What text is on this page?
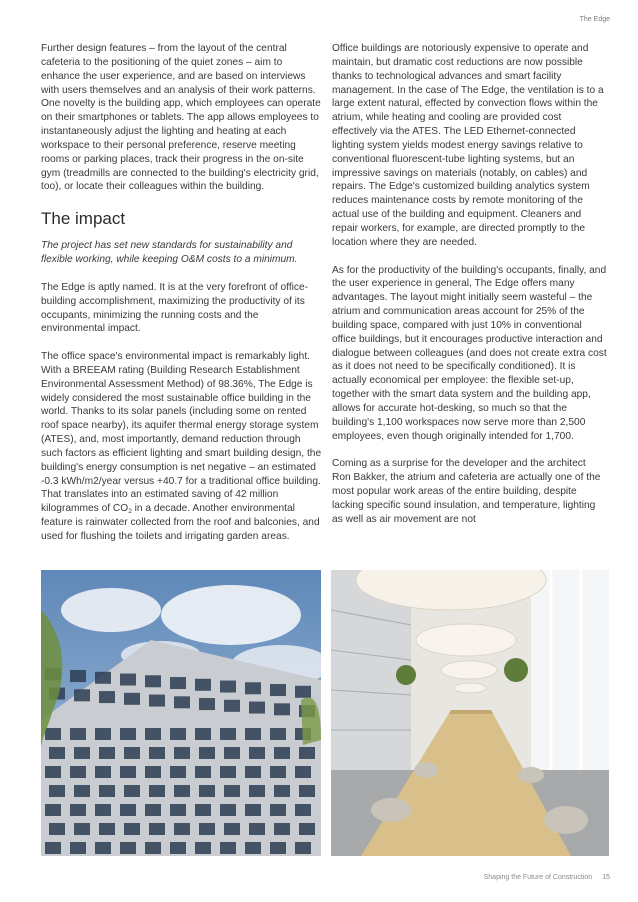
The Edge

Further design features – from the layout of the central cafeteria to the positioning of the quiet zones – aim to enhance the user experience, and are based on interviews with users themselves and an analysis of their work patterns. One novelty is the building app, which employees can operate on their smartphones or tablets. The app allows employees to instantaneously adjust the lighting and heating at each workspace to their personal preference, reserve meeting rooms or parking places, track their progress in the on-site gym (treadmills are connected to the building's electricity grid, too), or locate their colleagues within the building.

The impact

The project has set new standards for sustainability and flexible working, while keeping O&M costs to a minimum.

The Edge is aptly named. It is at the very forefront of office-building accomplishment, maximizing the productivity of its occupants, minimizing the running costs and the environmental impact.

The office space's environmental impact is remarkably light. With a BREEAM rating (Building Research Establishment Environmental Assessment Method) of 98.36%, The Edge is widely considered the most sustainable office building in the world. Thanks to its solar panels (including some on rented roof space nearby), its aquifer thermal energy storage system (ATES), and, most importantly, demand reduction through such factors as efficient lighting and smart building design, the building's energy consumption is net negative – an estimated -0.3 kWh/m2/year versus +40.7 for a traditional office building. That translates into an estimated saving of 42 million kilogrammes of $CO_2$ in a decade. Another environmental feature is rainwater collected from the roof and balconies, and used for flushing the toilets and irrigating garden areas.

Office buildings are notoriously expensive to operate and maintain, but dramatic cost reductions are now possible thanks to technological advances and smart facility management. In the case of The Edge, the ventilation is to a large extent natural, effected by convection flows within the atrium, while heating and cooling are provided cost effectively via the ATES. The LED Ethernet-connected lighting system yields modest energy savings relative to conventional fluorescent-tube lighting systems, but an impressive savings on materials (notably, on cables) and repairs. The Edge's customized building analytics system reduces maintenance costs by remote monitoring of the actual use of the building and equipment. Cleaners and repair workers, for example, are directed promptly to the location where they are needed.

As for the productivity of the building's occupants, finally, and the user experience in general, The Edge offers many advantages. The layout might initially seem wasteful – the atrium and communication areas account for 25% of the building space, compared with just 10% in conventional office buildings, but it encourages productive interaction and dialogue between colleagues (and does not create extra cost as it does not need to be specifically conditioned). It is actually economical per employee: the flexible set-up, together with the smart data system and the building app, allows for accurate hot-desking, so much so that the building's 1,100 workspaces now serve more than 2,500 employees, even though originally intended for 1,700.

Coming as a surprise for the developer and the architect Ron Bakker, the atrium and cafeteria are actually one of the most popular work areas of the entire building, despite lacking specific sound insulation, and temperature, lighting as well as air movement are not

Shaping the Future of Construction 15
